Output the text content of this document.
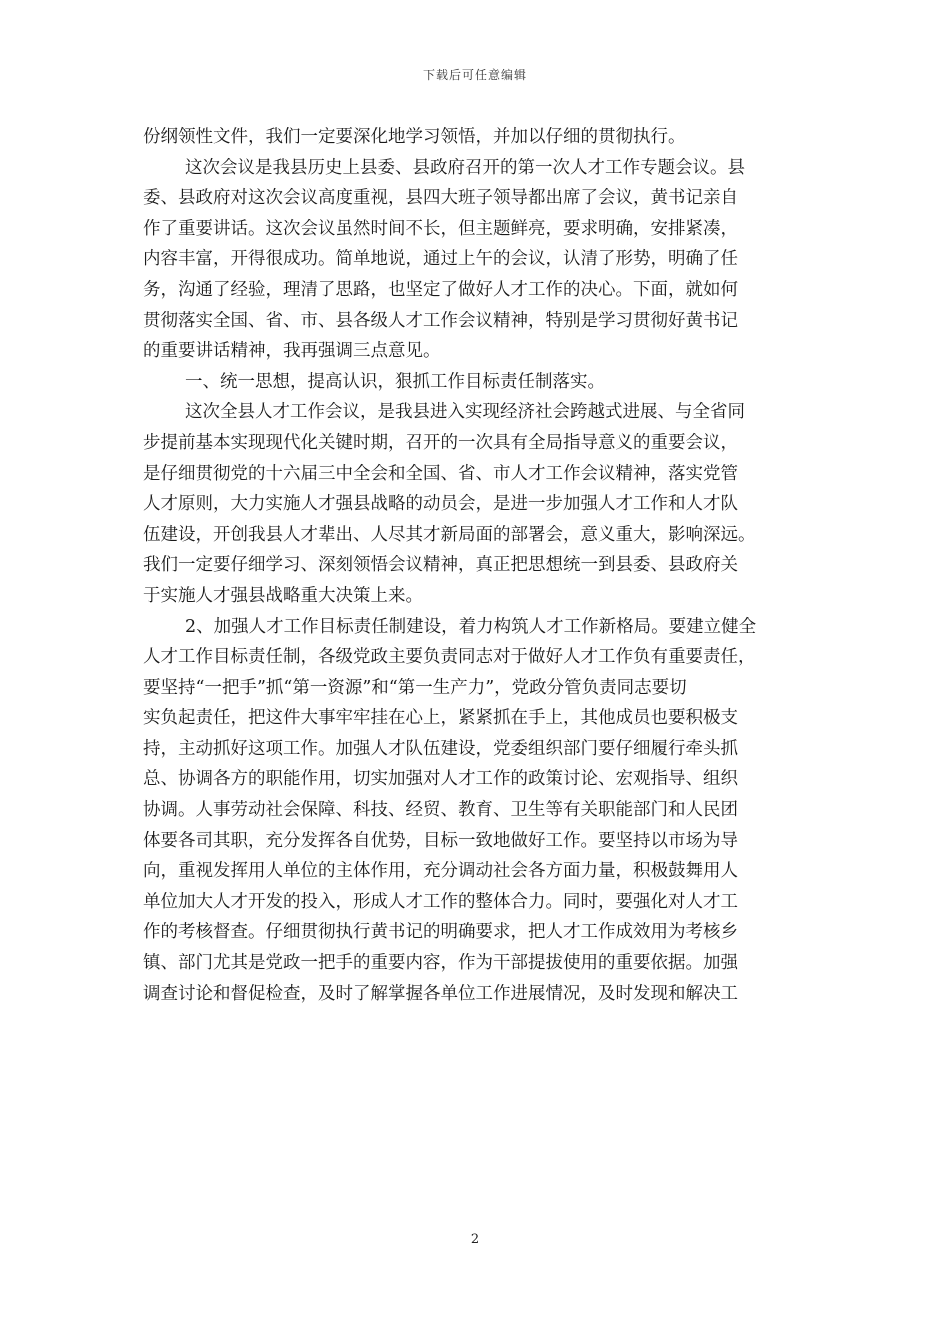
下载后可任意编辑
份纲领性文件，我们一定要深化地学习领悟，并加以仔细的贯彻执行。
这次会议是我县历史上县委、县政府召开的第一次人才工作专题会议。县
委、县政府对这次会议高度重视，县四大班子领导都出席了会议，黄书记亲自
作了重要讲话。这次会议虽然时间不长，但主题鲜亮，要求明确，安排紧凑，
内容丰富，开得很成功。简单地说，通过上午的会议，认清了形势，明确了任
务，沟通了经验，理清了思路，也坚定了做好人才工作的决心。下面，就如何
贯彻落实全国、省、市、县各级人才工作会议精神，特别是学习贯彻好黄书记
的重要讲话精神，我再强调三点意见。
一、统一思想，提高认识，狠抓工作目标责任制落实。
这次全县人才工作会议，是我县进入实现经济社会跨越式进展、与全省同
步提前基本实现现代化关键时期，召开的一次具有全局指导意义的重要会议，
是仔细贯彻党的十六届三中全会和全国、省、市人才工作会议精神，落实党管
人才原则，大力实施人才强县战略的动员会，是进一步加强人才工作和人才队
伍建设，开创我县人才辈出、人尽其才新局面的部署会，意义重大，影响深远。
我们一定要仔细学习、深刻领悟会议精神，真正把思想统一到县委、县政府关
于实施人才强县战略重大决策上来。
2、加强人才工作目标责任制建设，着力构筑人才工作新格局。要建立健全
人才工作目标责任制，各级党政主要负责同志对于做好人才工作负有重要责任，
要坚持“一把手”抓“第一资源”和“第一生产力”，党政分管负责同志要切
实负起责任，把这件大事牢牢挂在心上，紧紧抓在手上，其他成员也要积极支
持，主动抓好这项工作。加强人才队伍建设，党委组织部门要仔细履行牵头抓
总、协调各方的职能作用，切实加强对人才工作的政策讨论、宏观指导、组织
协调。人事劳动社会保障、科技、经贸、教育、卫生等有关职能部门和人民团
体要各司其职，充分发挥各自优势，目标一致地做好工作。要坚持以市场为导
向，重视发挥用人单位的主体作用，充分调动社会各方面力量，积极鼓舞用人
单位加大人才开发的投入，形成人才工作的整体合力。同时，要强化对人才工
作的考核督查。仔细贯彻执行黄书记的明确要求，把人才工作成效用为考核乡
镇、部门尤其是党政一把手的重要内容，作为干部提拔使用的重要依据。加强
调查讨论和督促检查，及时了解掌握各单位工作进展情况，及时发现和解决工
2
